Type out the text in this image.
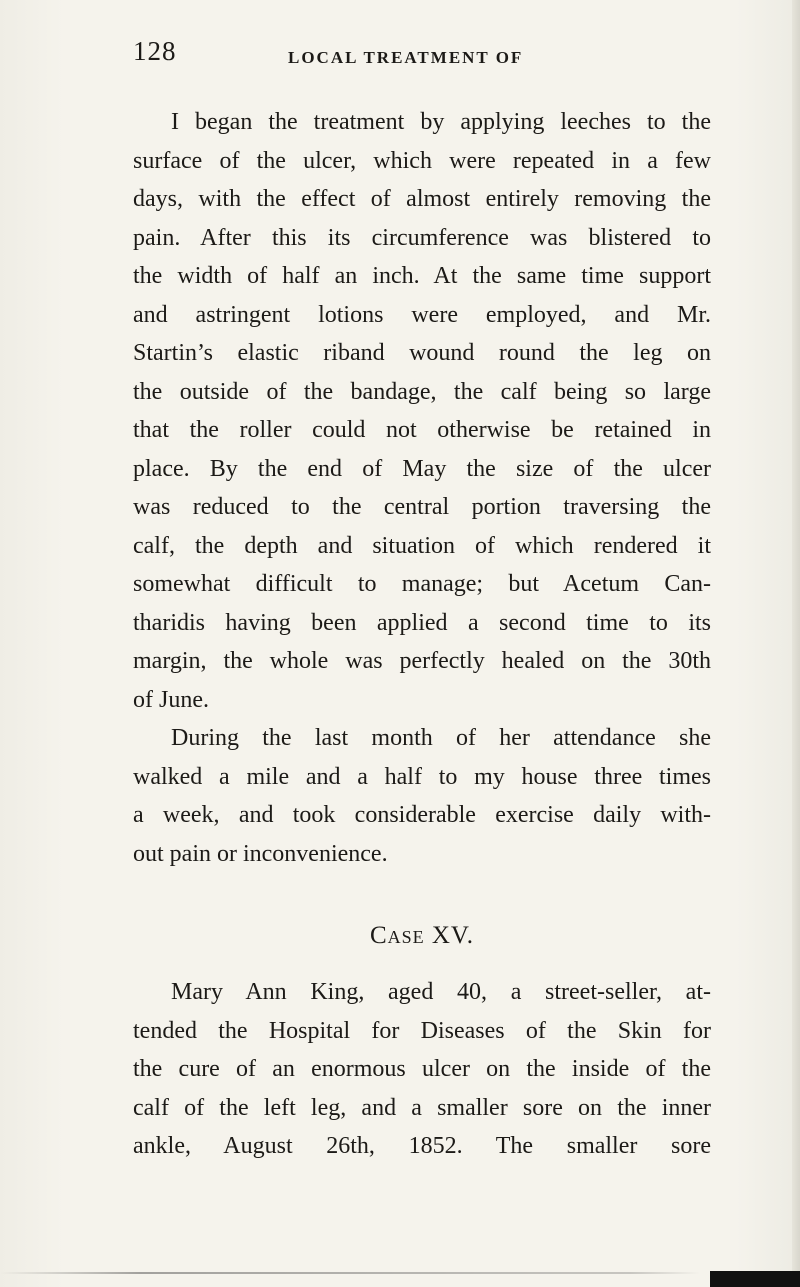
128	LOCAL TREATMENT OF
I began the treatment by applying leeches to the
surface of the ulcer, which were repeated in a few
days, with the effect of almost entirely removing the
pain. After this its circumference was blistered to
the width of half an inch. At the same time support
and astringent lotions were employed, and Mr.
Startin’s elastic riband wound round the leg on
the outside of the bandage, the calf being so large
that the roller could not otherwise be retained in
place. By the end of May the size of the ulcer
was reduced to the central portion traversing the
calf, the depth and situation of which rendered it
somewhat difficult to manage; but Acetum Can-
tharidis having been applied a second time to its
margin, the whole was perfectly healed on the 30th
of June.
During the last month of her attendance she
walked a mile and a half to my house three times
a week, and took considerable exercise daily with-
out pain or inconvenience.
Case XV.
Mary Ann King, aged 40, a street-seller, at-
tended the Hospital for Diseases of the Skin for
the cure of an enormous ulcer on the inside of the
calf of the left leg, and a smaller sore on the inner
ankle, August 26th, 1852. The smaller sore
